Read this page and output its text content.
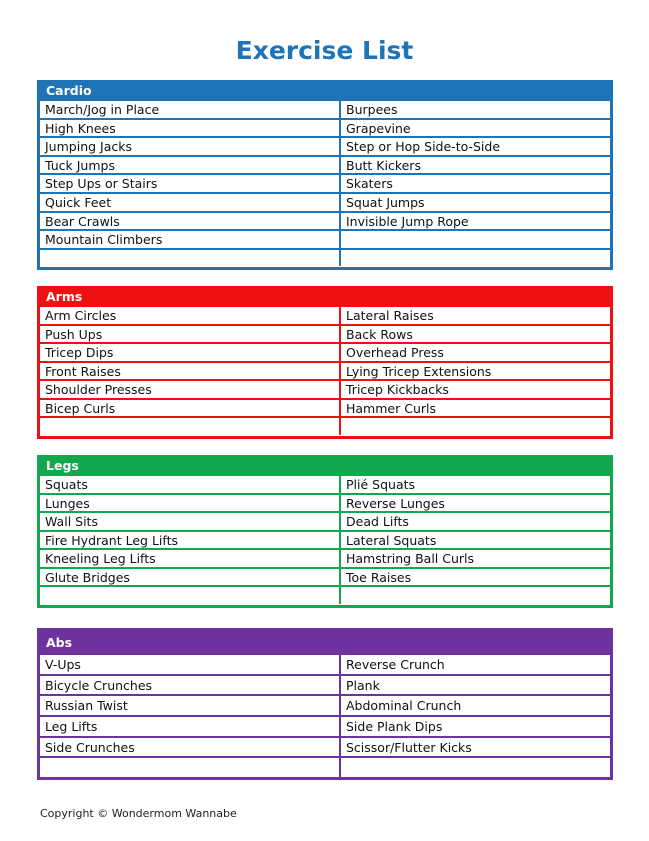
Exercise List
Cardio
March/Jog in Place	Burpees
High Knees	Grapevine
Jumping Jacks	Step or Hop Side-to-Side
Tuck Jumps	Butt Kickers
Step Ups or Stairs	Skaters
Quick Feet	Squat Jumps
Bear Crawls	Invisible Jump Rope
Mountain Climbers
Arms
Arm Circles	Lateral Raises
Push Ups	Back Rows
Tricep Dips	Overhead Press
Front Raises	Lying Tricep Extensions
Shoulder Presses	Tricep Kickbacks
Bicep Curls	Hammer Curls
Legs
Squats	Plié Squats
Lunges	Reverse Lunges
Wall Sits	Dead Lifts
Fire Hydrant Leg Lifts	Lateral Squats
Kneeling Leg Lifts	Hamstring Ball Curls
Glute Bridges	Toe Raises
Abs
V-Ups	Reverse Crunch
Bicycle Crunches	Plank
Russian Twist	Abdominal Crunch
Leg Lifts	Side Plank Dips
Side Crunches	Scissor/Flutter Kicks
Copyright © Wondermom Wannabe
